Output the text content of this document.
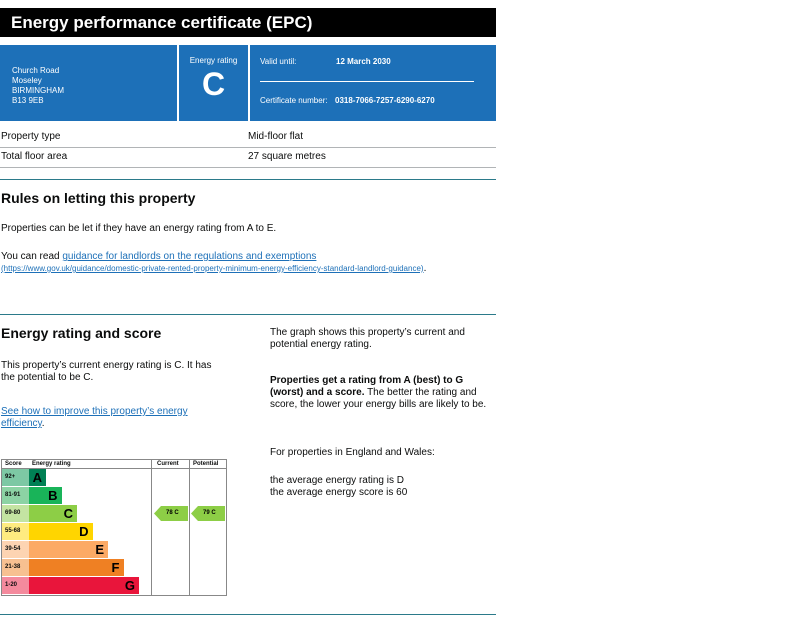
Energy performance certificate (EPC)
Church Road
Moseley
BIRMINGHAM
B13 9EB
Energy rating
C
Valid until:	12 March 2030
Certificate number: 0318-7066-7257-6290-6270
Property type	Mid-floor flat
Total floor area	27 square metres
Rules on letting this property

Properties can be let if they have an energy rating from A to E.

You can read guidance for landlords on the regulations and exemptions
(https://www.gov.uk/guidance/domestic-private-rented-property-minimum-energy-efficiency-standard-landlord-guidance).

Energy rating and score

This property’s current energy rating is C. It has the potential to be C.

See how to improve this property’s energy efficiency.

The graph shows this property’s current and potential energy rating.

Properties get a rating from A (best) to G (worst) and a score. The better the rating and score, the lower your energy bills are likely to be.

For properties in England and Wales:

the average energy rating is D

the average energy score is 60

Score Energy rating	Current Potential
92+	A
81-91	B
69-80	C
55-68	D
39-54	E
21-38	F
1-20	G
78 C	79 C
